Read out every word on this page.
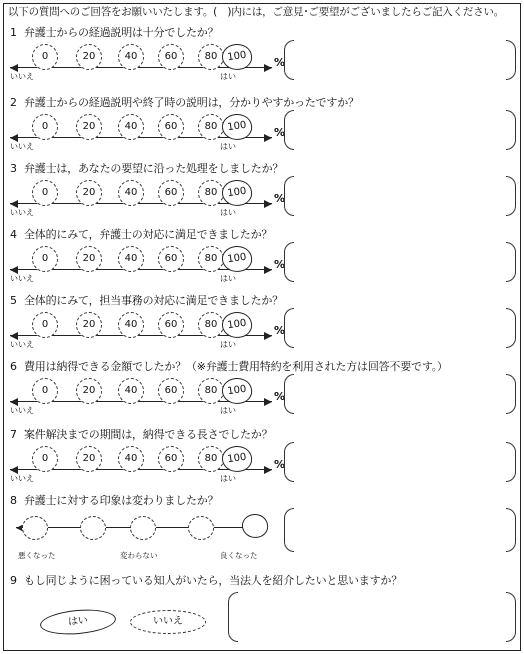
以下の質問へのご回答をお願いいたします。(　)内には，ご意見･ご要望がございましたらご記入ください。
1 弁護士からの経過説明は十分でしたか？
0	20	40	60	80 100
いいえ	はい
%
2 弁護士からの経過説明や終了時の説明は，分かりやすかったですか？
0	20	40	60	80 100
いいえ	はい
%
3 弁護士は，あなたの要望に沿った処理をしましたか？
0	20	40	60	80 100
いいえ	はい
%
4 全体的にみて，弁護士の対応に満足できましたか？
0	20	40	60	80 100
いいえ	はい
%
5 全体的にみて，担当事務の対応に満足できましたか？
0	20	40	60	80 100
いいえ	はい
%
6 費用は納得できる金額でしたか？（※弁護士費用特約を利用された方は回答不要です。）
0	20	40	60	80 100
いいえ	はい
%
7 案件解決までの期間は，納得できる長さでしたか？
0	20	40	60	80 100
いいえ	はい
%
8 弁護士に対する印象は変わりましたか？
悪くなった	変わらない	良くなった
9 もし同じように困っている知人がいたら，当法人を紹介したいと思いますか？
はい	いいえ
